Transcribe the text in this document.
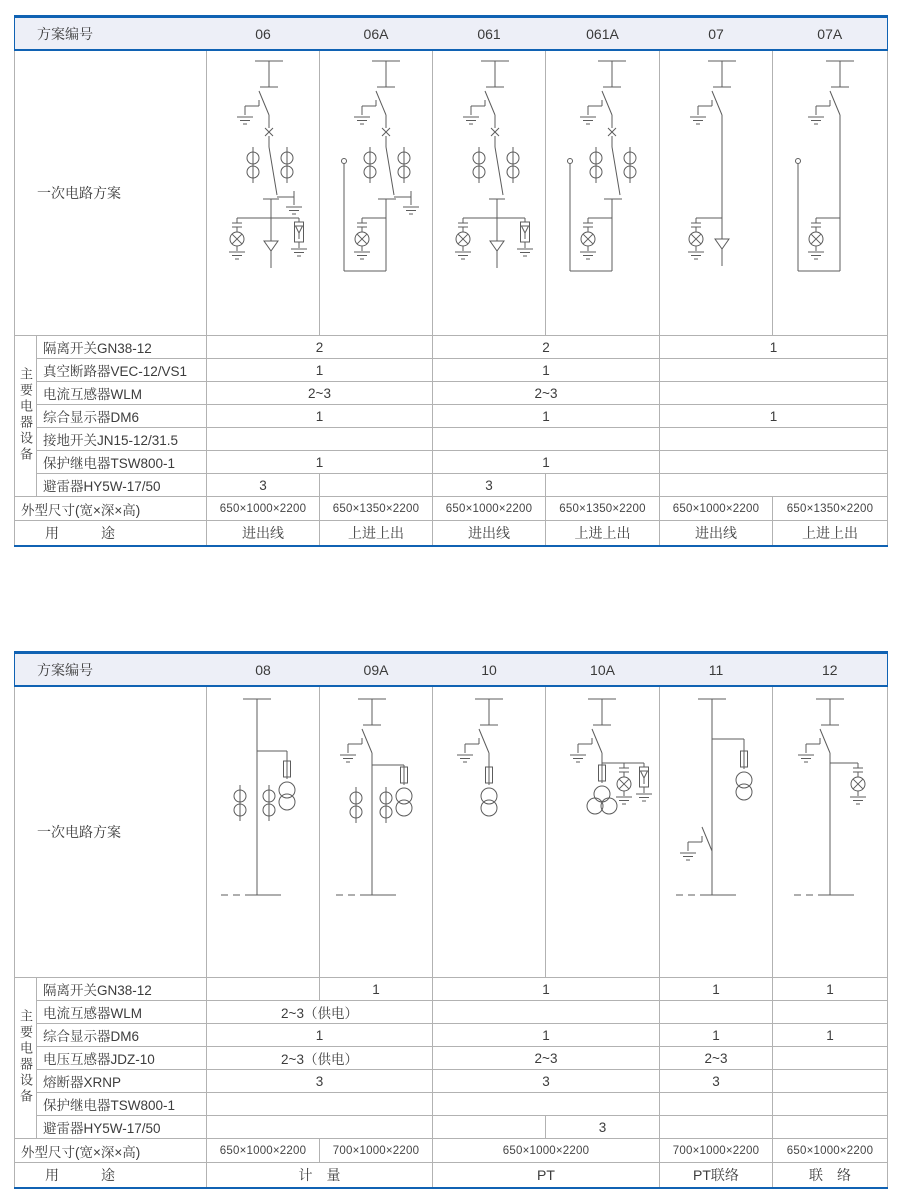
方案编号		06	06A	061	061A	07	07A
一次电路方案	

主要电器设备	隔离开关GN38-12	2		2		1	
	真空断路器VEC-12/VS1	1		1			
	电流互感器WLM	2~3		2~3			
	综合显示器DM6	1		1		1	
	接地开关JN15-12/31.5						
	保护继电器TSW800-1	1		1			
	避雷器HY5W-17/50	3		3			
外型尺寸(宽×深×高)		650×1000×2200	650×1350×2200	650×1000×2200	650×1350×2200	650×1000×2200	650×1350×2200
用　　　途		进出线	上进上出	进出线	上进上出	进出线	上进上出
方案编号		08	09A	10	10A	11	12
一次电路方案	

主要电器设备	隔离开关GN38-12		1	1		1	1
	电流互感器WLM	2~3（供电）					
	综合显示器DM6	1		1		1	1
	电压互感器JDZ-10	2~3（供电）		2~3		2~3	
	熔断器XRNP	3		3		3	
	保护继电器TSW800-1						
	避雷器HY5W-17/50				3		
外型尺寸(宽×深×高)		650×1000×2200	700×1000×2200	650×1000×2200		700×1000×2200	650×1000×2200
用　　　途		计　量		PT		PT联络	联　络
